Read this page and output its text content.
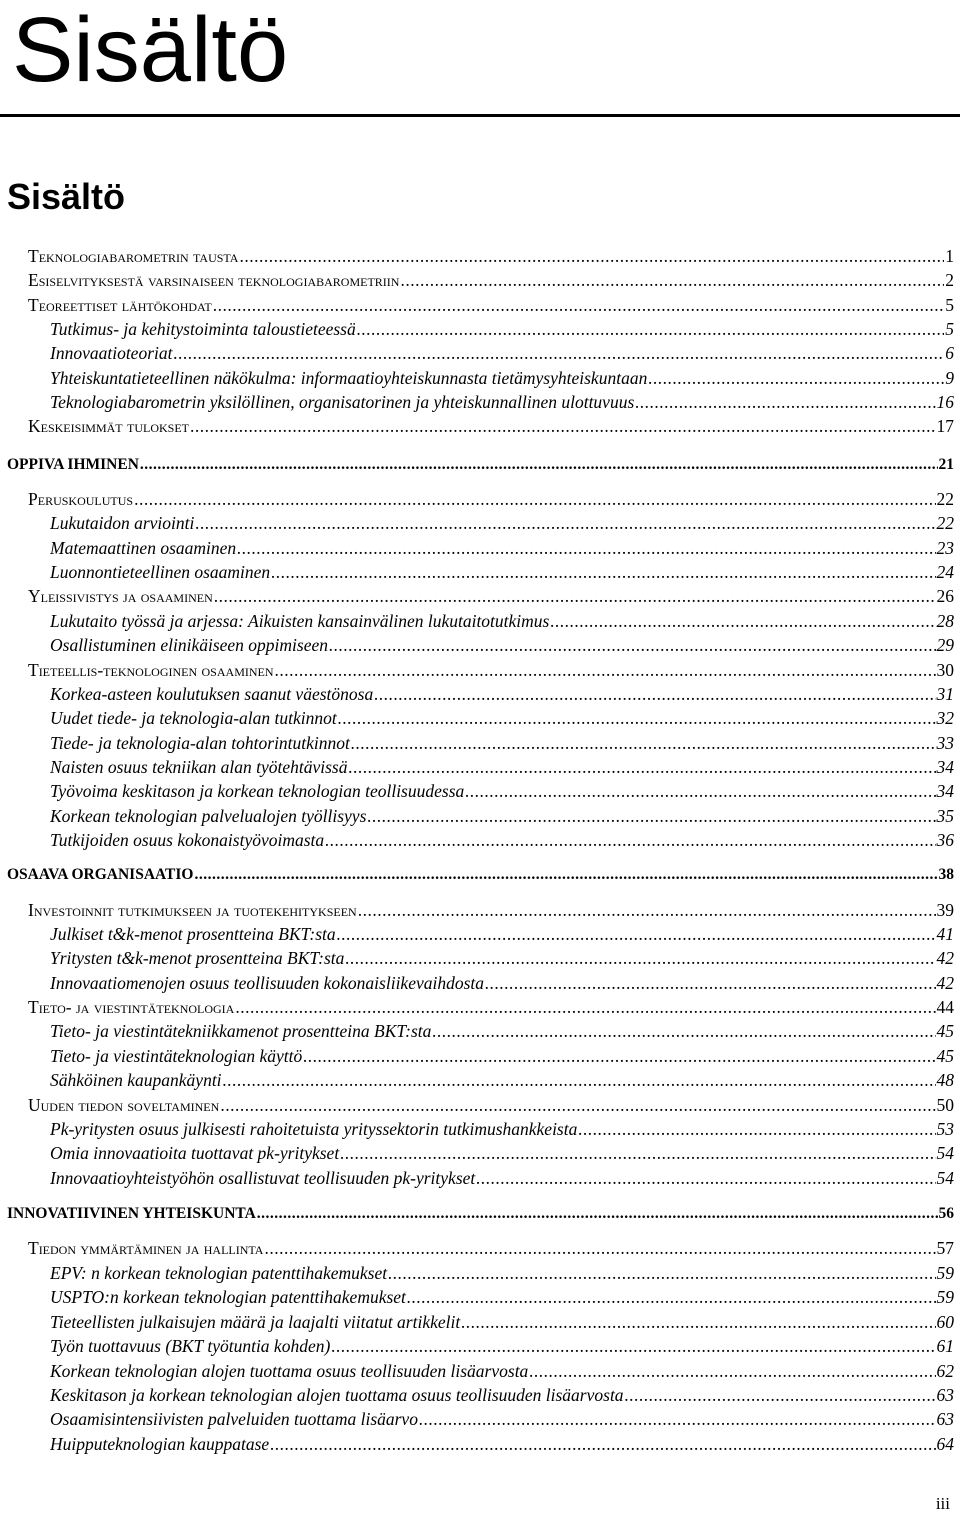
Sisältö
Sisältö
Teknologiabarometrin tausta .....	1
Esiselvityksestä varsinaiseen teknologiabarometriin .....	2
Teoreettiset lähtökohdat .....	5
Tutkimus- ja kehitystoiminta taloustieteessä .....	5
Innovaatioteoriat .....	6
Yhteiskuntatieteellinen näkökulma: informaatioyhteiskunnasta tietämysyhteiskuntaan .....	9
Teknologiabarometrin yksilöllinen, organisatorinen ja yhteiskunnallinen ulottuvuus .....	16
Keskeisimmät tulokset .....	17
OPPIVA IHMINEN .....	21
Peruskoulutus .....	22
Lukutaidon arviointi .....	22
Matemaattinen osaaminen .....	23
Luonnontieteellinen osaaminen .....	24
Yleissivistys ja osaaminen .....	26
Lukutaito työssä ja arjessa: Aikuisten kansainvälinen lukutaitotutkimus .....	28
Osallistuminen elinikäiseen oppimiseen .....	29
Tieteellis-teknologinen osaaminen .....	30
Korkea-asteen koulutuksen saanut väestönosa .....	31
Uudet tiede- ja teknologia-alan tutkinnot .....	32
Tiede- ja teknologia-alan tohtorintutkinnot .....	33
Naisten osuus tekniikan alan työtehtävissä .....	34
Työvoima keskitason ja korkean teknologian teollisuudessa .....	34
Korkean teknologian palvelualojen työllisyys .....	35
Tutkijoiden osuus kokonaistyövoimasta .....	36
OSAAVA ORGANISAATIO .....	38
Investoinnit tutkimukseen ja tuotekehitykseen .....	39
Julkiset t&k-menot prosentteina BKT:sta .....	41
Yritysten t&k-menot prosentteina BKT:sta .....	42
Innovaatiomenojen osuus teollisuuden kokonaisliikevaihdosta .....	42
Tieto- ja viestintäteknologia .....	44
Tieto- ja viestintätekniikkamenot prosentteina BKT:sta .....	45
Tieto- ja viestintäteknologian käyttö .....	45
Sähköinen kaupankäynti .....	48
Uuden tiedon soveltaminen .....	50
Pk-yritysten osuus julkisesti rahoitetuista yrityssektorin tutkimushankkeista .....	53
Omia innovaatioita tuottavat pk-yritykset .....	54
Innovaatioyhteistyöhön osallistuvat teollisuuden pk-yritykset .....	54
INNOVATIIVINEN YHTEISKUNTA .....	56
Tiedon ymmärtäminen ja hallinta .....	57
EPV: n korkean teknologian patenttihakemukset .....	59
USPTO:n korkean teknologian patenttihakemukset .....	59
Tieteellisten julkaisujen määrä ja laajalti viitatut artikkelit .....	60
Työn tuottavuus (BKT työtuntia kohden) .....	61
Korkean teknologian alojen tuottama osuus teollisuuden lisäarvosta .....	62
Keskitason ja korkean teknologian alojen tuottama osuus teollisuuden lisäarvosta .....	63
Osaamisintensiivisten palveluiden tuottama lisäarvo .....	63
Huipputeknologian kauppatase .....	64
iii
